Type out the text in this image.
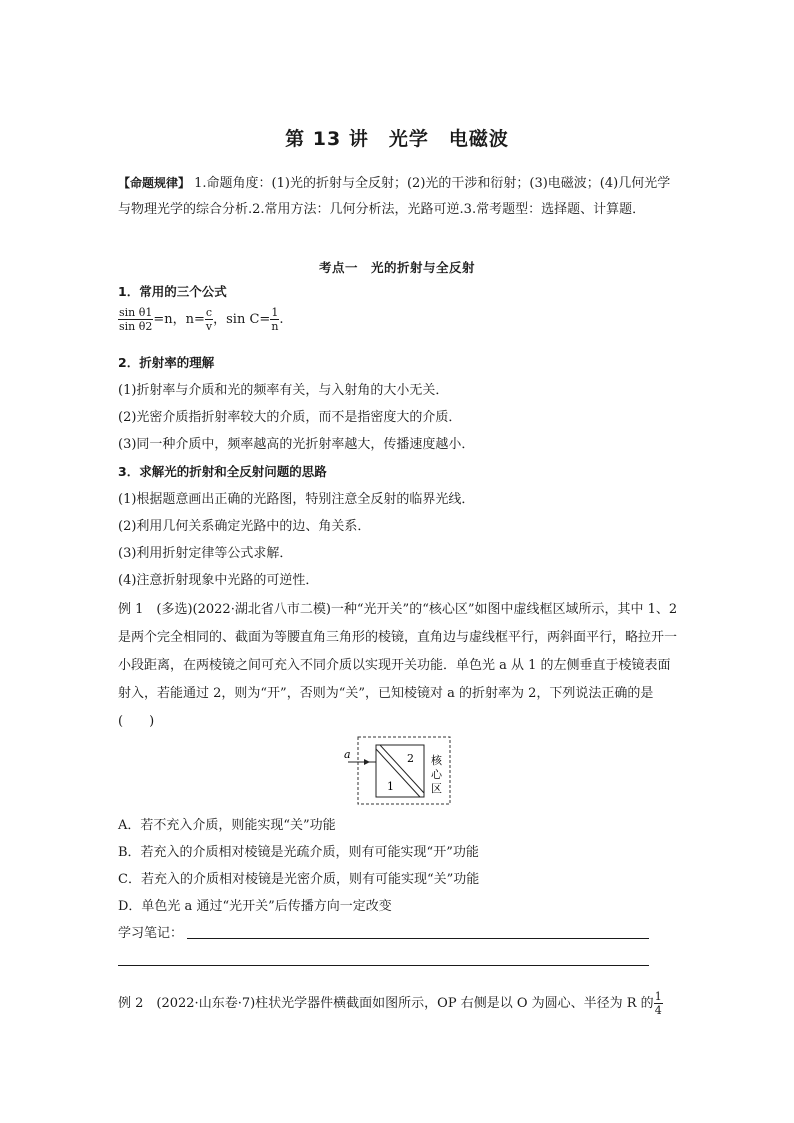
第 13 讲　光学　电磁波
【命题规律】 1.命题角度：(1)光的折射与全反射；(2)光的干涉和衍射；(3)电磁波；(4)几何光学与物理光学的综合分析.2.常用方法：几何分析法，光路可逆.3.常考题型：选择题、计算题．
考点一　光的折射与全反射
1．常用的三个公式
$\frac{\text{sin θ1}}{\text{sin θ2}} =n$，$n= \frac{c}{v}$ ，$\sin C= \frac{1}{n}$ .
2．折射率的理解
(1)折射率与介质和光的频率有关，与入射角的大小无关．
(2)光密介质指折射率较大的介质，而不是指密度大的介质．
(3)同一种介质中，频率越高的光折射率越大，传播速度越小．
3．求解光的折射和全反射问题的思路
(1)根据题意画出正确的光路图，特别注意全反射的临界光线．
(2)利用几何关系确定光路中的边、角关系．
(3)利用折射定律等公式求解．
(4)注意折射现象中光路的可逆性．
例 1　(多选)(2022·湖北省八市二模)一种“光开关”的“核心区”如图中虚线框区域所示，其中 1、2 是两个完全相同的、截面为等腰直角三角形的棱镜，直角边与虚线框平行，两斜面平行，略拉开一小段距离，在两棱镜之间可充入不同介质以实现开关功能．单色光 a 从 1 的左侧垂直于棱镜表面射入，若能通过 2，则为“开”，否则为“关”，已知棱镜对 a 的折射率为 2，下列说法正确的是(　　)
a
1
2 核
心
区
A．若不充入介质，则能实现“关”功能
B．若充入的介质相对棱镜是光疏介质，则有可能实现“开”功能
C．若充入的介质相对棱镜是光密介质，则有可能实现“关”功能
D．单色光 a 通过“光开关”后传播方向一定改变
学习笔记：
例 2　(2022·山东卷·7)柱状光学器件横截面如图所示，OP 右侧是以 O 为圆心、半径为 R 的 $\frac{1}{4}$
